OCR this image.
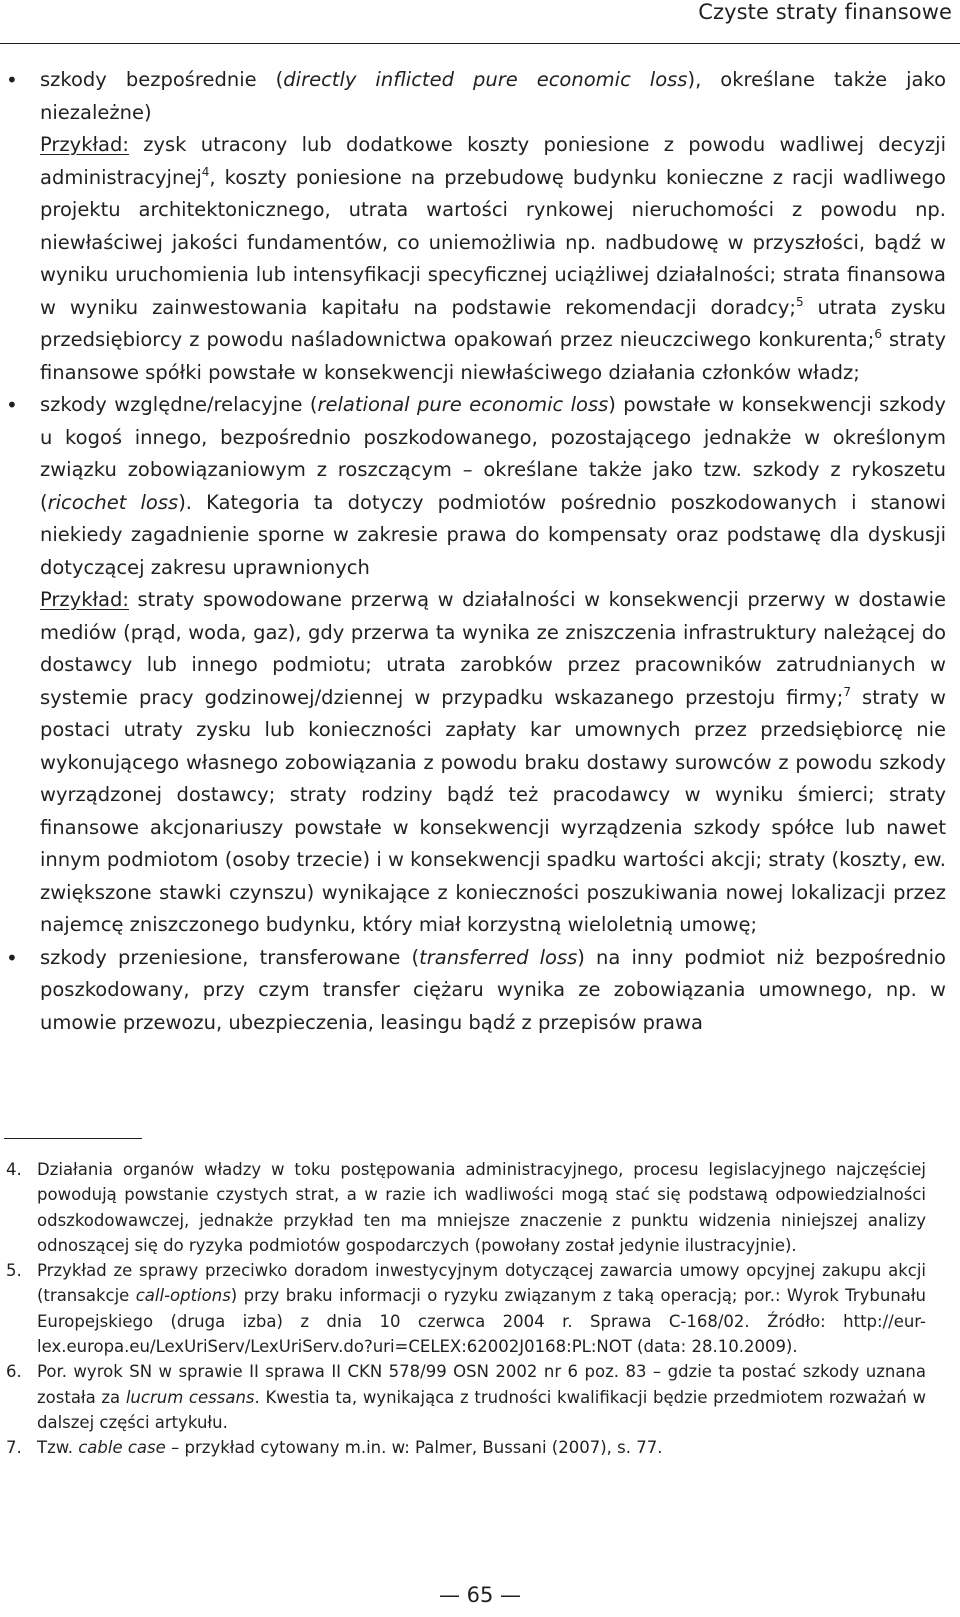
Czyste straty finansowe
• szkody bezpośrednie (directly inflicted pure economic loss), określane także jako niezależne)
Przykład: zysk utracony lub dodatkowe koszty poniesione z powodu wadliwej decyzji administracyjnej$^4$, koszty poniesione na przebudowę budynku konieczne z racji wadliwego projektu architektonicznego, utrata wartości rynkowej nieruchomości z powodu np. niewłaściwej jakości fundamentów, co uniemożliwia np. nadbudowę w przyszłości, bądź w wyniku uruchomienia lub intensyfikacji specyficznej uciążliwej działalności; strata finansowa w wyniku zainwestowania kapitału na podstawie rekomendacji doradcy;$^5$ utrata zysku przedsiębiorcy z powodu naśladownictwa opakowań przez nieuczciwego konkurenta;$^6$ straty finansowe spółki powstałe w konsekwencji niewłaściwego działania członków władz;
• szkody względne/relacyjne (relational pure economic loss) powstałe w konsekwencji szkody u kogoś innego, bezpośrednio poszkodowanego, pozostającego jednakże w określonym związku zobowiązaniowym z roszczącym – określane także jako tzw. szkody z rykoszetu (ricochet loss). Kategoria ta dotyczy podmiotów pośrednio poszkodowanych i stanowi niekiedy zagadnienie sporne w zakresie prawa do kompensaty oraz podstawę dla dyskusji dotyczącej zakresu uprawnionych
Przykład: straty spowodowane przerwą w działalności w konsekwencji przerwy w dostawie mediów (prąd, woda, gaz), gdy przerwa ta wynika ze zniszczenia infrastruktury należącej do dostawcy lub innego podmiotu; utrata zarobków przez pracowników zatrudnianych w systemie pracy godzinowej/dziennej w przypadku wskazanego przestoju firmy;$^7$ straty w postaci utraty zysku lub konieczności zapłaty kar umownych przez przedsiębiorcę nie wykonującego własnego zobowiązania z powodu braku dostawy surowców z powodu szkody wyrządzonej dostawcy; straty rodziny bądź też pracodawcy w wyniku śmierci; straty finansowe akcjonariuszy powstałe w konsekwencji wyrządzenia szkody spółce lub nawet innym podmiotom (osoby trzecie) i w konsekwencji spadku wartości akcji; straty (koszty, ew. zwiększone stawki czynszu) wynikające z konieczności poszukiwania nowej lokalizacji przez najemcę zniszczonego budynku, który miał korzystną wieloletnią umowę;
• szkody przeniesione, transferowane (transferred loss) na inny podmiot niż bezpośrednio poszkodowany, przy czym transfer ciężaru wynika ze zobowiązania umownego, np. w umowie przewozu, ubezpieczenia, leasingu bądź z przepisów prawa
4. Działania organów władzy w toku postępowania administracyjnego, procesu legislacyjnego najczęściej powodują powstanie czystych strat, a w razie ich wadliwości mogą stać się podstawą odpowiedzialności odszkodowawczej, jednakże przykład ten ma mniejsze znaczenie z punktu widzenia niniejszej analizy odnoszącej się do ryzyka podmiotów gospodarczych (powołany został jedynie ilustracyjnie).
5. Przykład ze sprawy przeciwko doradom inwestycyjnym dotyczącej zawarcia umowy opcyjnej zakupu akcji (transakcje call-options) przy braku informacji o ryzyku związanym z taką operacją; por.: Wyrok Trybunału Europejskiego (druga izba) z dnia 10 czerwca 2004 r. Sprawa C-168/02. Źródło: http://eur-lex.europa.eu/LexUriServ/LexUriServ.do?uri=CELEX:62002J0168:PL:NOT (data: 28.10.2009).
6. Por. wyrok SN w sprawie II sprawa II CKN 578/99 OSN 2002 nr 6 poz. 83 – gdzie ta postać szkody uznana została za lucrum cessans. Kwestia ta, wynikająca z trudności kwalifikacji będzie przedmiotem rozważań w dalszej części artykułu.
7. Tzw. cable case – przykład cytowany m.in. w: Palmer, Bussani (2007), s. 77.
— 65 —
